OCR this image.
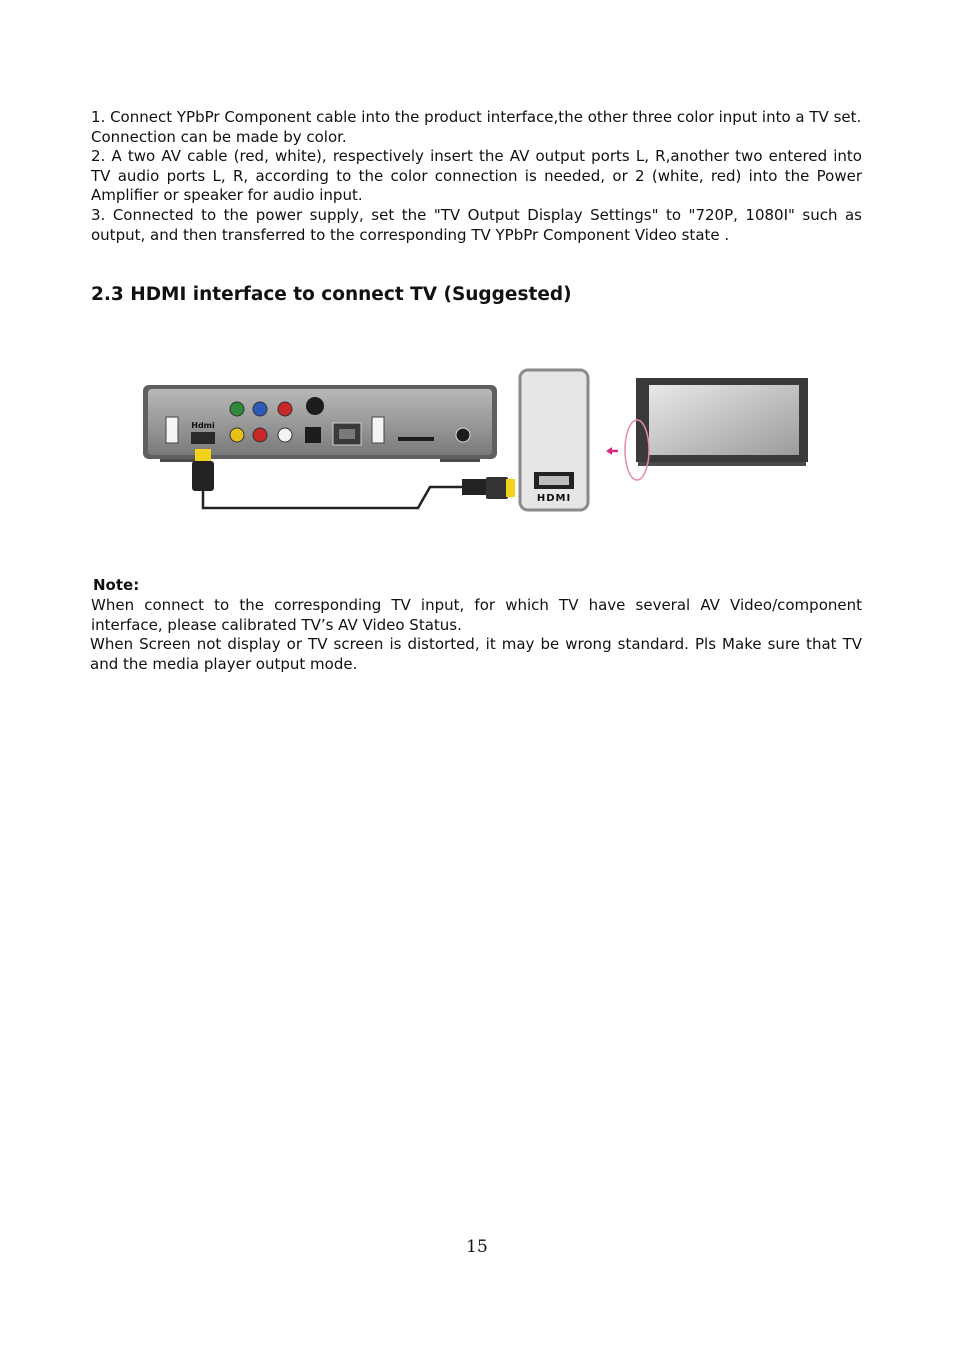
1. Connect YPbPr Component cable into the product interface,the other three color input into a TV set. Connection can be made by color.

2. A two AV cable (red, white), respectively insert the AV output ports L, R,another two entered into TV audio ports L, R, according to the color connection is needed, or 2 (white, red) into the Power Amplifier or speaker for audio input.

3. Connected to the power supply, set the "TV Output Display Settings" to "720P, 1080I" such as output, and then transferred to the corresponding TV YPbPr Component Video state .

2.3 HDMI interface to connect TV (Suggested)
Hdmi
HDMI

Note:

When connect to the corresponding TV input, for which TV have several AV Video/component interface, please calibrated TV’s AV Video Status.

When Screen not display or TV screen is distorted, it may be wrong standard. Pls Make sure that TV and the media player output mode.

15
